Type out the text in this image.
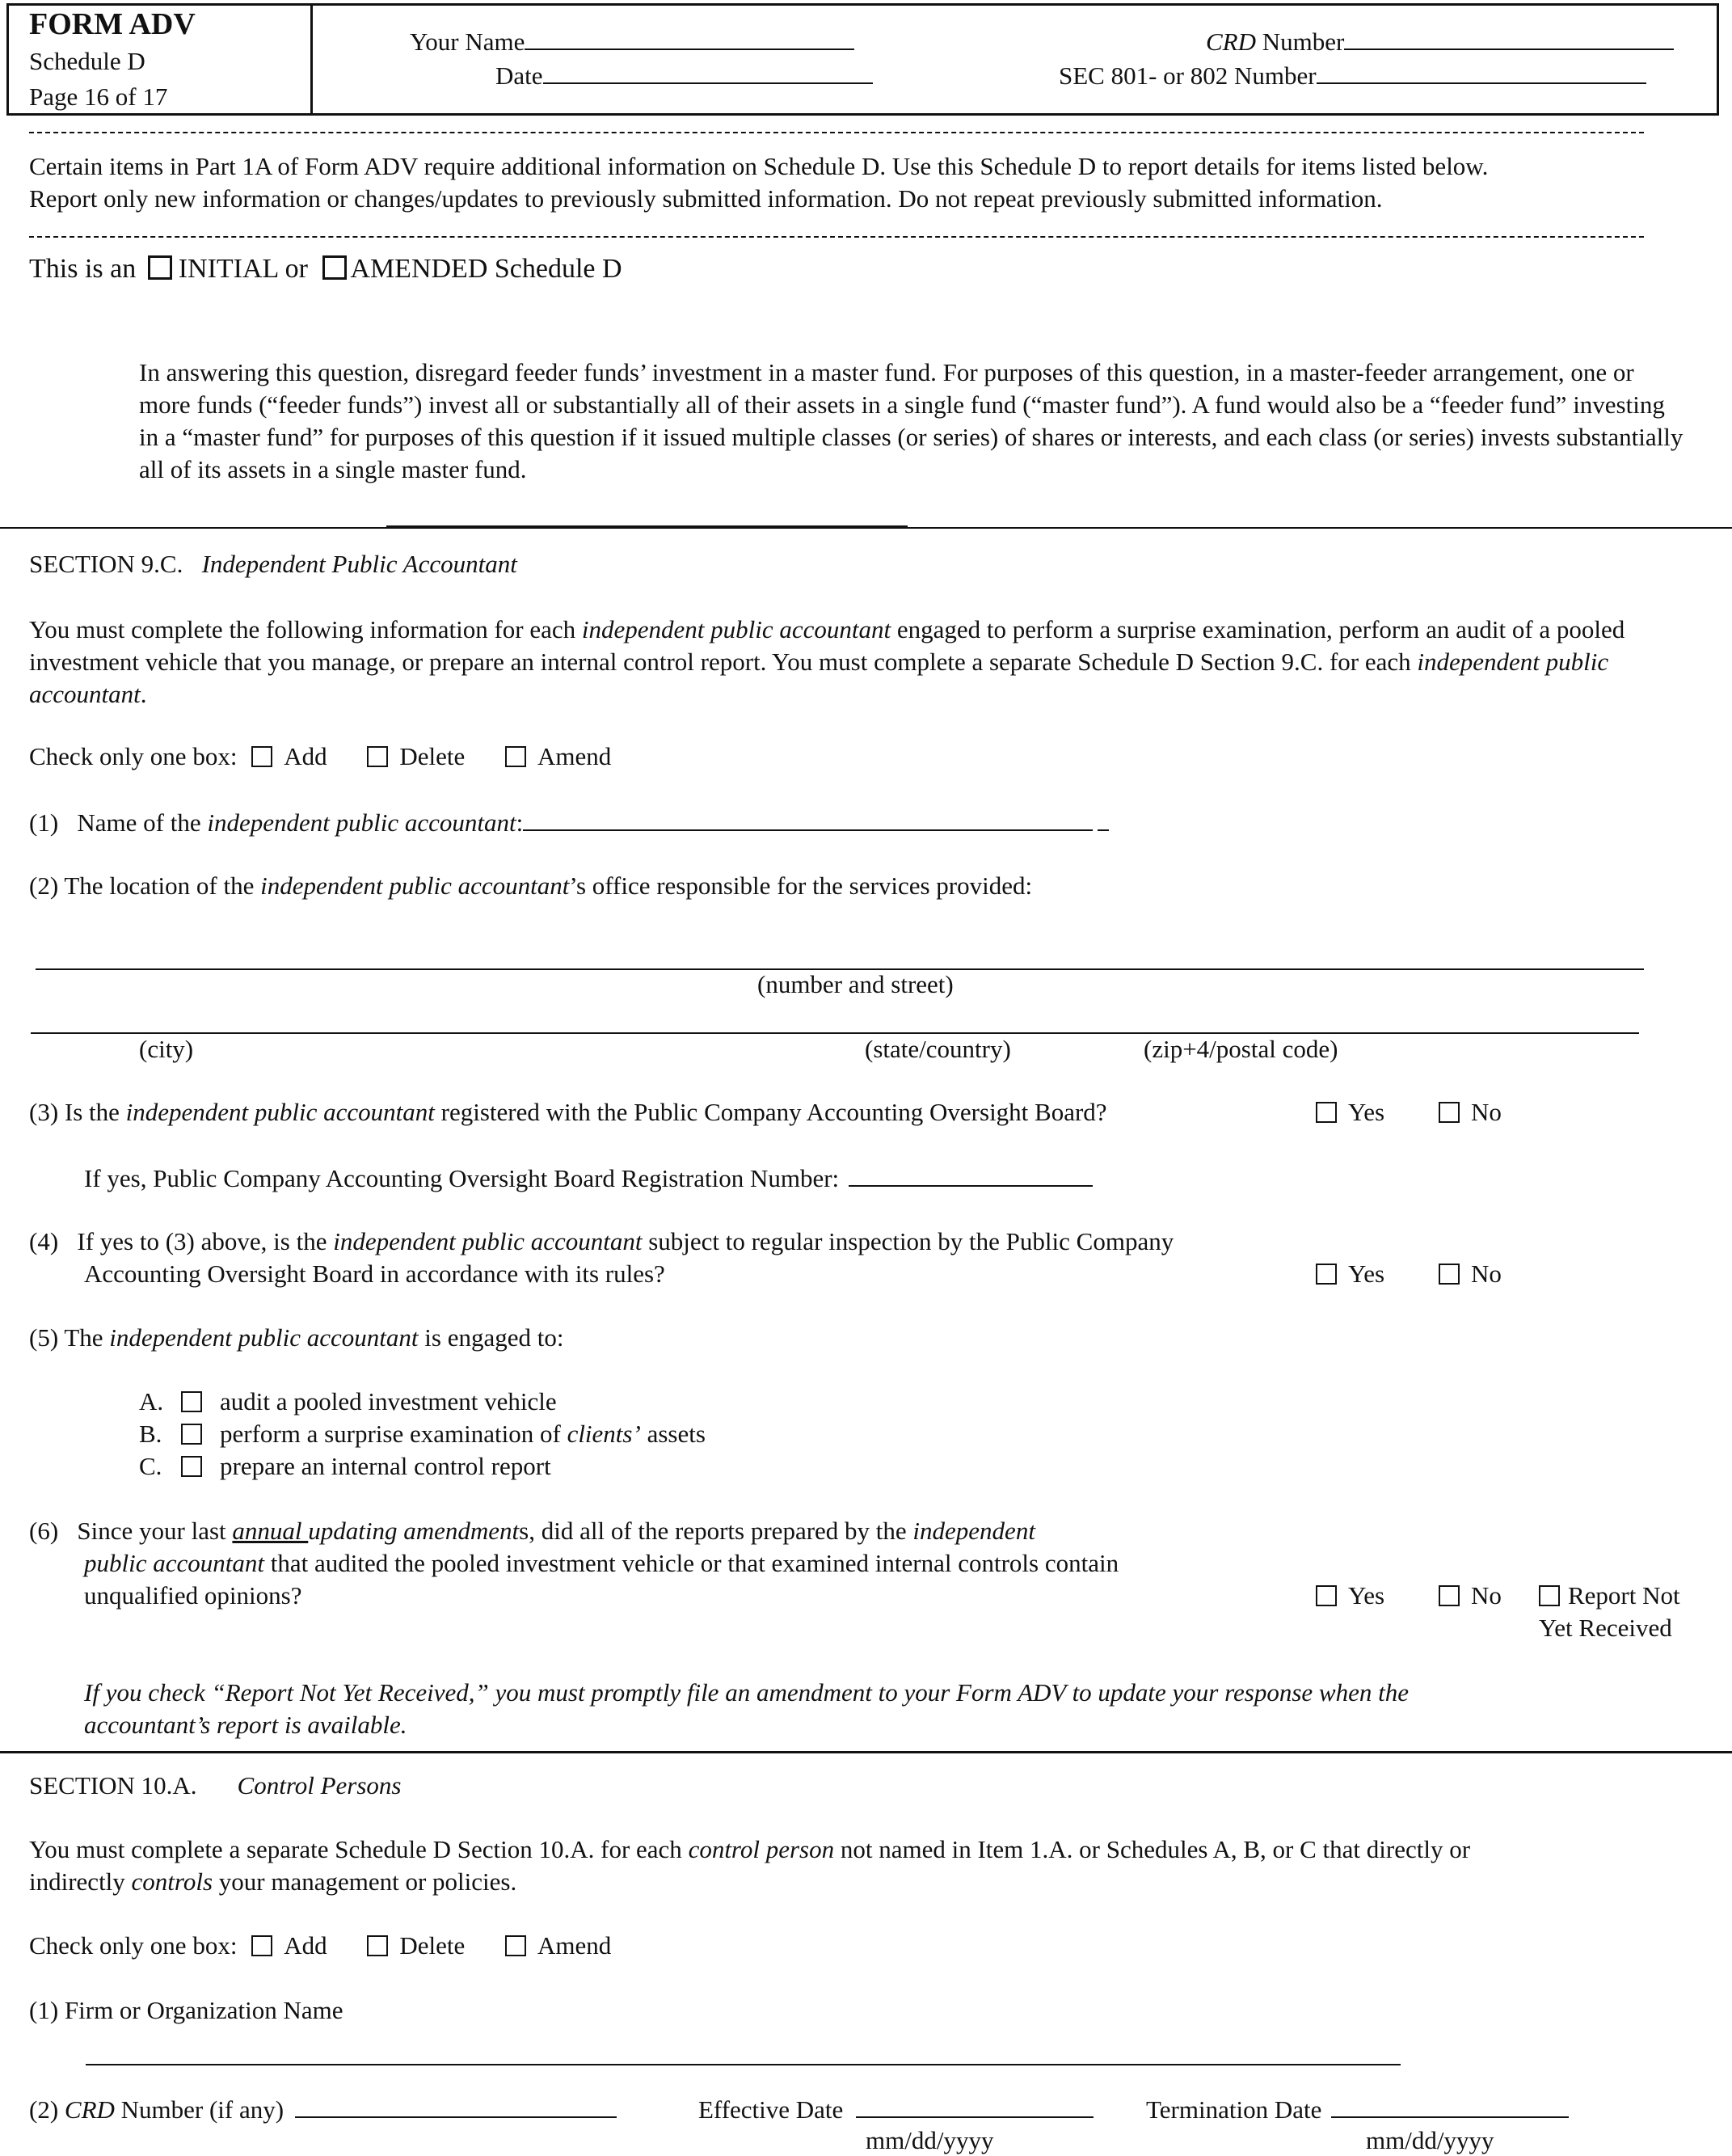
FORM ADV
Schedule D
Page 16 of 17
Your Name
Date
CRD Number
SEC 801- or 802 Number
Certain items in Part 1A of Form ADV require additional information on Schedule D. Use this Schedule D to report details for items listed below.
Report only new information or changes/updates to previously submitted information. Do not repeat previously submitted information.
This is an INITIAL or AMENDED Schedule D
In answering this question, disregard feeder funds’ investment in a master fund. For purposes of this question, in a master-feeder arrangement, one or more funds (“feeder funds”) invest all or substantially all of their assets in a single fund (“master fund”). A fund would also be a “feeder fund” investing in a “master fund” for purposes of this question if it issued multiple classes (or series) of shares or interests, and each class (or series) invests substantially all of its assets in a single master fund.
SECTION 9.C. Independent Public Accountant
You must complete the following information for each independent public accountant engaged to perform a surprise examination, perform an audit of a pooled investment vehicle that you manage, or prepare an internal control report. You must complete a separate Schedule D Section 9.C. for each independent public accountant.
Check only one box: Add	Delete	Amend
(1) Name of the independent public accountant:
(2) The location of the independent public accountant’s office responsible for the services provided:
(number and street)
(city)	(state/country)	(zip+4/postal code)
(3) Is the independent public accountant registered with the Public Company Accounting Oversight Board?	Yes	No
If yes, Public Company Accounting Oversight Board Registration Number:
(4) If yes to (3) above, is the independent public accountant subject to regular inspection by the Public Company
Accounting Oversight Board in accordance with its rules?	Yes	No
(5) The independent public accountant is engaged to:
A. audit a pooled investment vehicle
B. perform a surprise examination of clients’ assets
C. prepare an internal control report
(6) Since your last annual updating amendments, did all of the reports prepared by the independent
public accountant that audited the pooled investment vehicle or that examined internal controls contain
unqualified opinions?	Yes	No	Report Not
Yet Received
If you check “Report Not Yet Received,” you must promptly file an amendment to your Form ADV to update your response when the
accountant’s report is available.
SECTION 10.A. Control Persons
You must complete a separate Schedule D Section 10.A. for each control person not named in Item 1.A. or Schedules A, B, or C that directly or
indirectly controls your management or policies.
Check only one box: Add	Delete	Amend
(1) Firm or Organization Name
(2) CRD Number (if any)	Effective Date	Termination Date
mm/dd/yyyy	mm/dd/yyyy
